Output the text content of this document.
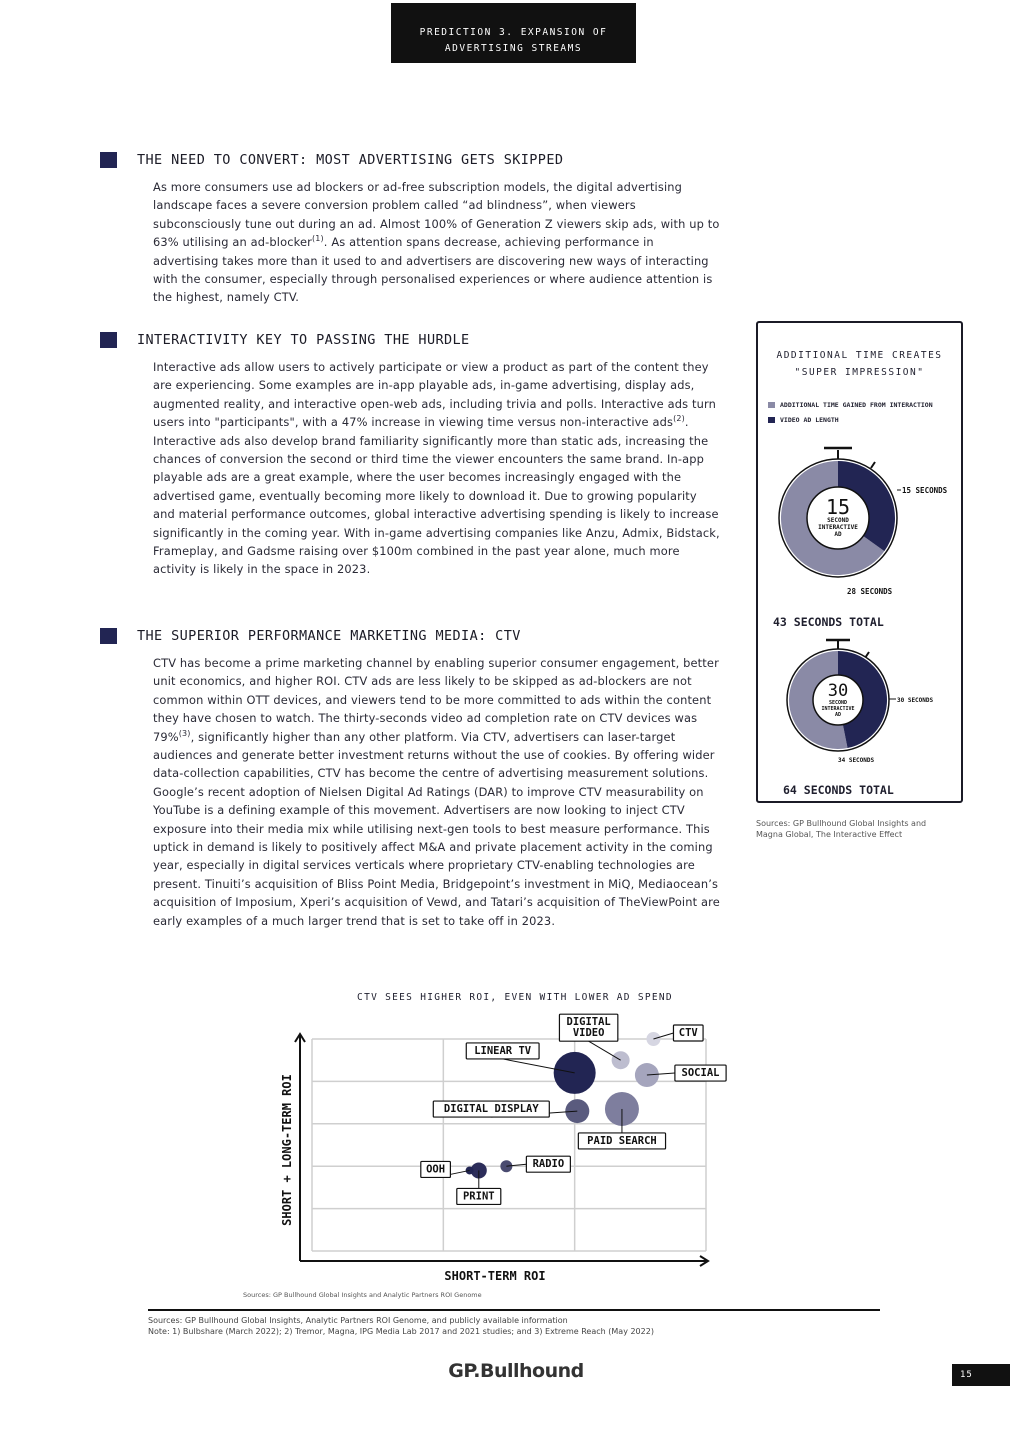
PREDICTION 3. EXPANSION OF
ADVERTISING STREAMS
THE NEED TO CONVERT: MOST ADVERTISING GETS SKIPPED
As more consumers use ad blockers or ad-free subscription models, the digital advertising landscape faces a severe conversion problem called “ad blindness”, when viewers subconsciously tune out during an ad. Almost 100% of Generation Z viewers skip ads, with up to 63% utilising an ad-blocker$^{(1)}$. As attention spans decrease, achieving performance in advertising takes more than it used to and advertisers are discovering new ways of interacting with the consumer, especially through personalised experiences or where audience attention is the highest, namely CTV.
INTERACTIVITY KEY TO PASSING THE HURDLE
Interactive ads allow users to actively participate or view a product as part of the content they are experiencing. Some examples are in-app playable ads, in-game advertising, display ads, augmented reality, and interactive open-web ads, including trivia and polls. Interactive ads turn users into "participants", with a 47% increase in viewing time versus non-interactive ads$^{(2)}$. Interactive ads also develop brand familiarity significantly more than static ads, increasing the chances of conversion the second or third time the viewer encounters the same brand. In-app playable ads are a great example, where the user becomes increasingly engaged with the advertised game, eventually becoming more likely to download it. Due to growing popularity and material performance outcomes, global interactive advertising spending is likely to increase significantly in the coming year. With in-game advertising companies like Anzu, Admix, Bidstack, Frameplay, and Gadsme raising over $100m combined in the past year alone, much more activity is likely in the space in 2023.
THE SUPERIOR PERFORMANCE MARKETING MEDIA: CTV
CTV has become a prime marketing channel by enabling superior consumer engagement, better unit economics, and higher ROI. CTV ads are less likely to be skipped as ad-blockers are not common within OTT devices, and viewers tend to be more committed to ads within the content they have chosen to watch. The thirty-seconds video ad completion rate on CTV devices was 79%$^{(3)}$, significantly higher than any other platform. Via CTV, advertisers can laser-target audiences and generate better investment returns without the use of cookies. By offering wider data-collection capabilities, CTV has become the centre of advertising measurement solutions. Google’s recent adoption of Nielsen Digital Ad Ratings (DAR) to improve CTV measurability on YouTube is a defining example of this movement. Advertisers are now looking to inject CTV exposure into their media mix while utilising next-gen tools to best measure performance. This uptick in demand is likely to positively affect M&A and private placement activity in the coming year, especially in digital services verticals where proprietary CTV-enabling technologies are present. Tinuiti’s acquisition of Bliss Point Media, Bridgepoint’s investment in MiQ, Mediaocean’s acquisition of Imposium, Xperi’s acquisition of Vewd, and Tatari’s acquisition of TheViewPoint are early examples of a much larger trend that is set to take off in 2023.
ADDITIONAL TIME CREATES
"SUPER IMPRESSION"
ADDITIONAL TIME GAINED FROM INTERACTION
VIDEO AD LENGTH
15
SECOND
INTERACTIVE
AD
15 SECONDS
28 SECONDS
43 SECONDS TOTAL
30
SECOND
INTERACTIVE
AD
30 SECONDS
34 SECONDS
64 SECONDS TOTAL
Sources: GP Bullhound Global Insights and
Magna Global, The Interactive Effect
CTV SEES HIGHER ROI, EVEN WITH LOWER AD SPEND
CTV
DIGITAL
VIDEO
LINEAR TV
SOCIAL
DIGITAL DISPLAY
PAID SEARCH
RADIO
PRINT
OOH
SHORT-TERM ROI
SHORT + LONG-TERM ROI
Sources: GP Bullhound Global Insights and Analytic Partners ROI Genome
Sources: GP Bullhound Global Insights, Analytic Partners ROI Genome, and publicly available information
Note: 1) Bulbshare (March 2022); 2) Tremor, Magna, IPG Media Lab 2017 and 2021 studies; and 3) Extreme Reach (May 2022)
GP.Bullhound	15
